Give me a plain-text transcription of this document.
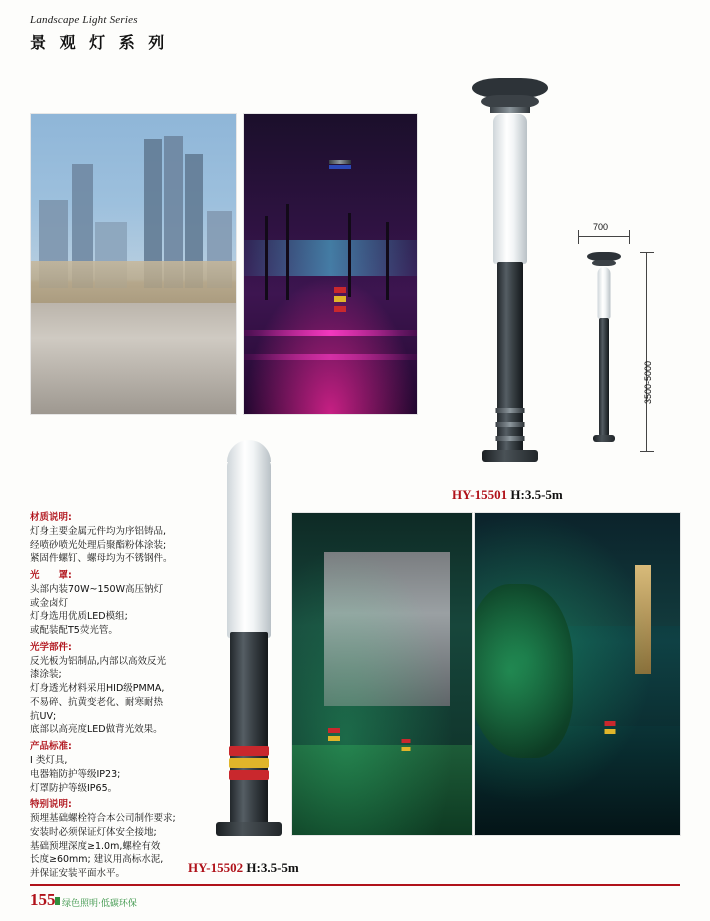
Landscape Light Series
景 观 灯 系 列
700
3500-5000
HY-15501 H:3.5-5m
HY-15502 H:3.5-5m

材质说明:

灯身主要金属元件均为序铝铸品,

经喷砂喷光处理后聚酯粉体涂装;

紧固件螺钉、螺母均为不锈钢件。

光　　罩:

头部内装70W~150W高压钠灯

或金卤灯

灯身选用优质LED模组;

或配装配T5荧光管。

光学部件:

反光板为铝制品,内部以高效反光

漆涂装;

灯身透光材料采用HID级PMMA,

不易碎、抗黄变老化、耐寒耐热

抗UV;

底部以高亮度LED做背光效果。

产品标准:

I 类灯具,

电器箱防护等级IP23;

灯罩防护等级IP65。

特别说明:

预埋基础螺栓符合本公司制作要求;

安装时必须保证灯体安全接地;

基础预埋深度≥1.0m,螺栓有效

长度≥60mm; 建议用高标水泥,

并保证安装平面水平。

155 绿色照明·低碳环保
